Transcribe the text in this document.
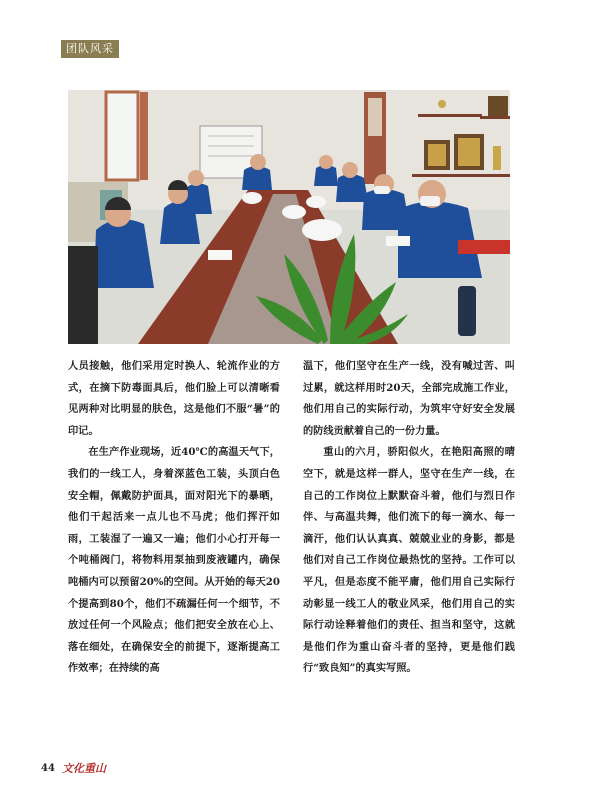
团队风采

人员接触，他们采用定时换人、轮流作业的方式，在摘下防毒面具后，他们脸上可以清晰看见两种对比明显的肤色，这是他们不服“暑”的印记。

在生产作业现场，近40℃的高温天气下，我们的一线工人，身着深蓝色工装，头顶白色安全帽，佩戴防护面具，面对阳光下的暴晒，他们干起活来一点儿也不马虎；他们挥汗如雨，工装湿了一遍又一遍；他们小心打开每一个吨桶阀门，将物料用泵抽到废液罐内，确保吨桶内可以预留20%的空间。从开始的每天20个提高到80个，他们不疏漏任何一个细节，不放过任何一个风险点；他们把安全放在心上、落在细处，在确保安全的前提下，逐渐提高工作效率；在持续的高

温下，他们坚守在生产一线，没有喊过苦、叫过累，就这样用时20天，全部完成施工作业，他们用自己的实际行动，为筑牢守好安全发展的防线贡献着自己的一份力量。

重山的六月，骄阳似火，在艳阳高照的晴空下，就是这样一群人，坚守在生产一线，在自己的工作岗位上默默奋斗着，他们与烈日作伴、与高温共舞，他们流下的每一滴水、每一滴汗，他们认认真真、兢兢业业的身影，都是他们对自己工作岗位最热忱的坚持。工作可以平凡，但是态度不能平庸，他们用自己实际行动彰显一线工人的敬业风采，他们用自己的实际行动诠释着他们的责任、担当和坚守，这就是他们作为重山奋斗者的坚持，更是他们践行“致良知”的真实写照。

44 文化重山
